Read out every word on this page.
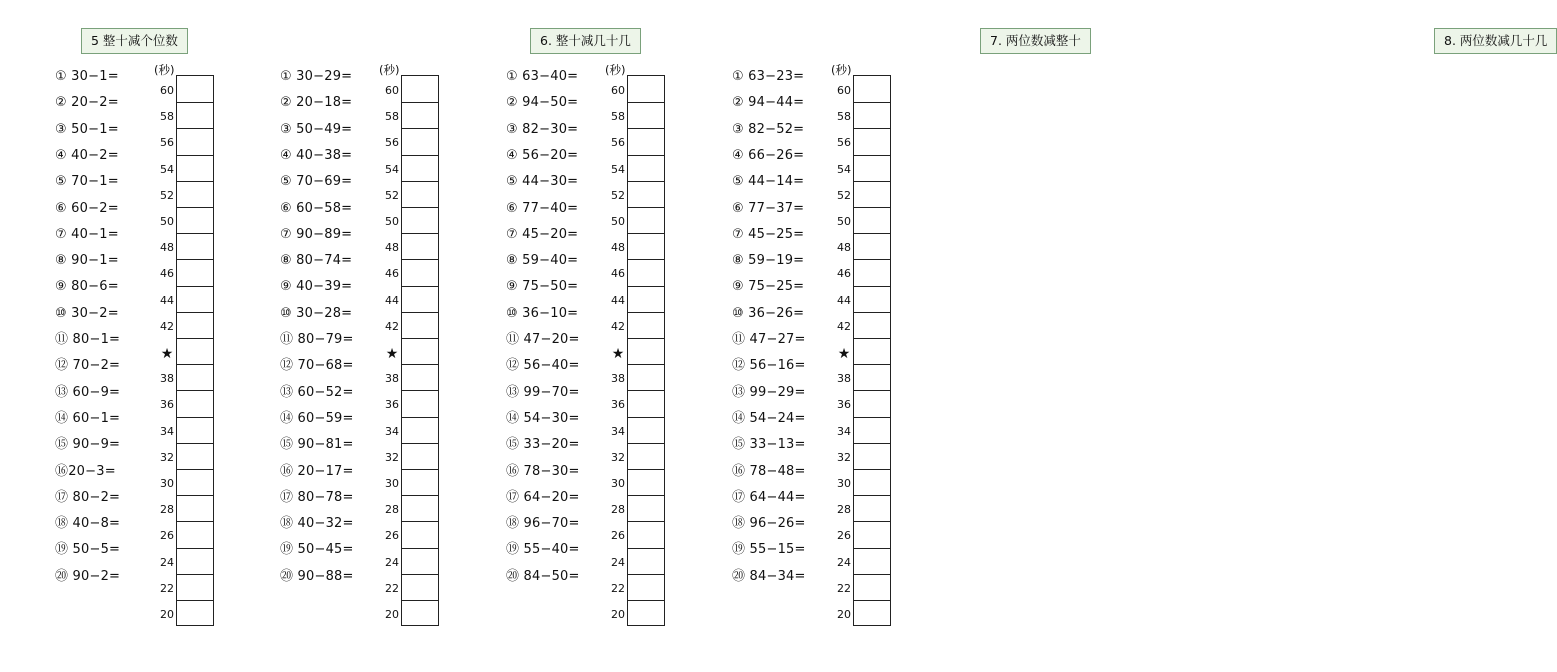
5 整十减个位数
(秒)
① 30−1=
② 20−2=
③ 50−1=
④ 40−2=
⑤ 70−1=
⑥ 60−2=
⑦ 40−1=
⑧ 90−1=
⑨ 80−6=
⑩ 30−2=
⑪ 80−1=
⑫ 70−2=
⑬ 60−9=
⑭ 60−1=
⑮ 90−9=
⑯20−3=
⑰ 80−2=
⑱ 40−8=
⑲ 50−5=
⑳ 90−2=
60
58
56
54
52
50
48
46
44
42
★
38
36
34
32
30
28
26
24
22
20
6. 整十减几十几
(秒)
① 30−29=
② 20−18=
③ 50−49=
④ 40−38=
⑤ 70−69=
⑥ 60−58=
⑦ 90−89=
⑧ 80−74=
⑨ 40−39=
⑩ 30−28=
⑪ 80−79=
⑫ 70−68=
⑬ 60−52=
⑭ 60−59=
⑮ 90−81=
⑯ 20−17=
⑰ 80−78=
⑱ 40−32=
⑲ 50−45=
⑳ 90−88=
60
58
56
54
52
50
48
46
44
42
★
38
36
34
32
30
28
26
24
22
20
7. 两位数减整十
(秒)
① 63−40=
② 94−50=
③ 82−30=
④ 56−20=
⑤ 44−30=
⑥ 77−40=
⑦ 45−20=
⑧ 59−40=
⑨ 75−50=
⑩ 36−10=
⑪ 47−20=
⑫ 56−40=
⑬ 99−70=
⑭ 54−30=
⑮ 33−20=
⑯ 78−30=
⑰ 64−20=
⑱ 96−70=
⑲ 55−40=
⑳ 84−50=
60
58
56
54
52
50
48
46
44
42
★
38
36
34
32
30
28
26
24
22
20
8. 两位数减几十几
(秒)
① 63−23=
② 94−44=
③ 82−52=
④ 66−26=
⑤ 44−14=
⑥ 77−37=
⑦ 45−25=
⑧ 59−19=
⑨ 75−25=
⑩ 36−26=
⑪ 47−27=
⑫ 56−16=
⑬ 99−29=
⑭ 54−24=
⑮ 33−13=
⑯ 78−48=
⑰ 64−44=
⑱ 96−26=
⑲ 55−15=
⑳ 84−34=
60
58
56
54
52
50
48
46
44
42
★
38
36
34
32
30
28
26
24
22
20
